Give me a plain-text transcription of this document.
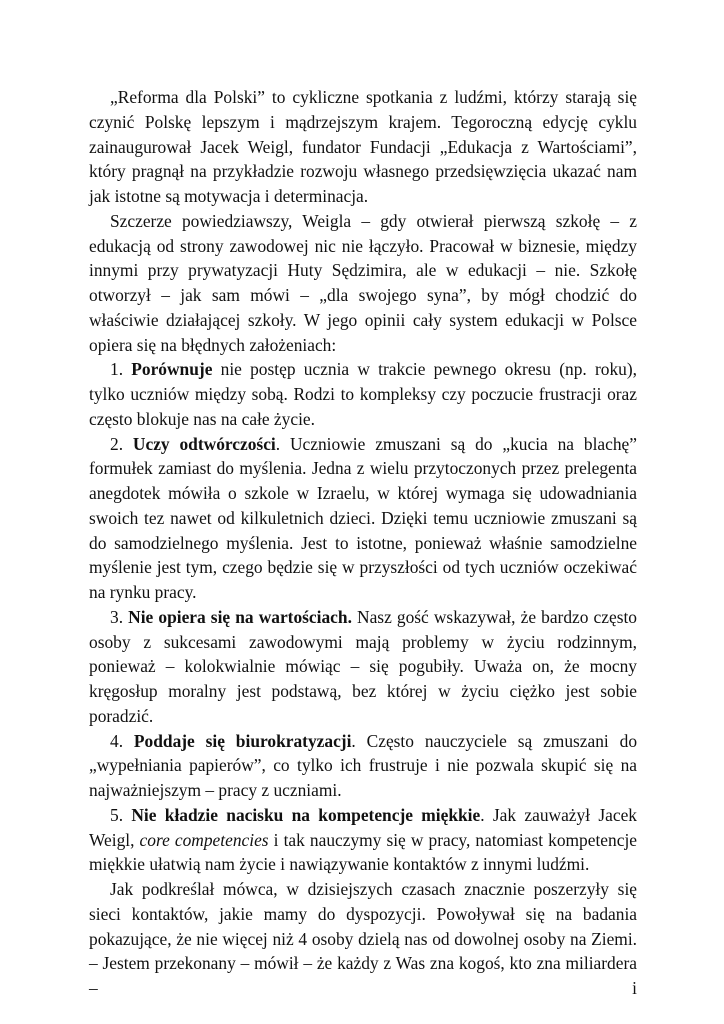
„Reforma dla Polski” to cykliczne spotkania z ludźmi, którzy starają się czynić Polskę lepszym i mądrzejszym krajem. Tegoroczną edycję cyklu zainaugurował Jacek Weigl, fundator Fundacji „Edukacja z Wartościami”, który pragnął na przykładzie rozwoju własnego przedsięwzięcia ukazać nam jak istotne są motywacja i determinacja.

Szczerze powiedziawszy, Weigla – gdy otwierał pierwszą szkołę – z edukacją od strony zawodowej nic nie łączyło. Pracował w biznesie, między innymi przy prywatyzacji Huty Sędzimira, ale w edukacji – nie. Szkołę otworzył – jak sam mówi – „dla swojego syna”, by mógł chodzić do właściwie działającej szkoły. W jego opinii cały system edukacji w Polsce opiera się na błędnych założeniach:

1. Porównuje nie postęp ucznia w trakcie pewnego okresu (np. roku), tylko uczniów między sobą. Rodzi to kompleksy czy poczucie frustracji oraz często blokuje nas na całe życie.

2. Uczy odtwórczości. Uczniowie zmuszani są do „kucia na blachę” formułek zamiast do myślenia. Jedna z wielu przytoczonych przez prelegenta anegdotek mówiła o szkole w Izraelu, w której wymaga się udowadniania swoich tez nawet od kilkuletnich dzieci. Dzięki temu uczniowie zmuszani są do samodzielnego myślenia. Jest to istotne, ponieważ właśnie samodzielne myślenie jest tym, czego będzie się w przyszłości od tych uczniów oczekiwać na rynku pracy.

3. Nie opiera się na wartościach. Nasz gość wskazywał, że bardzo często osoby z sukcesami zawodowymi mają problemy w życiu rodzinnym, ponieważ – kolokwialnie mówiąc – się pogubiły. Uważa on, że mocny kręgosłup moralny jest podstawą, bez której w życiu ciężko jest sobie poradzić.

4. Poddaje się biurokratyzacji. Często nauczyciele są zmuszani do „wypełniania papierów”, co tylko ich frustruje i nie pozwala skupić się na najważniejszym – pracy z uczniami.

5. Nie kładzie nacisku na kompetencje miękkie. Jak zauważył Jacek Weigl, core competencies i tak nauczymy się w pracy, natomiast kompetencje miękkie ułatwią nam życie i nawiązywanie kontaktów z innymi ludźmi.

Jak podkreślał mówca, w dzisiejszych czasach znacznie poszerzyły się sieci kontaktów, jakie mamy do dyspozycji. Powoływał się na badania pokazujące, że nie więcej niż 4 osoby dzielą nas od dowolnej osoby na Ziemi. – Jestem przekonany – mówił – że każdy z Was zna kogoś, kto zna miliardera – i
